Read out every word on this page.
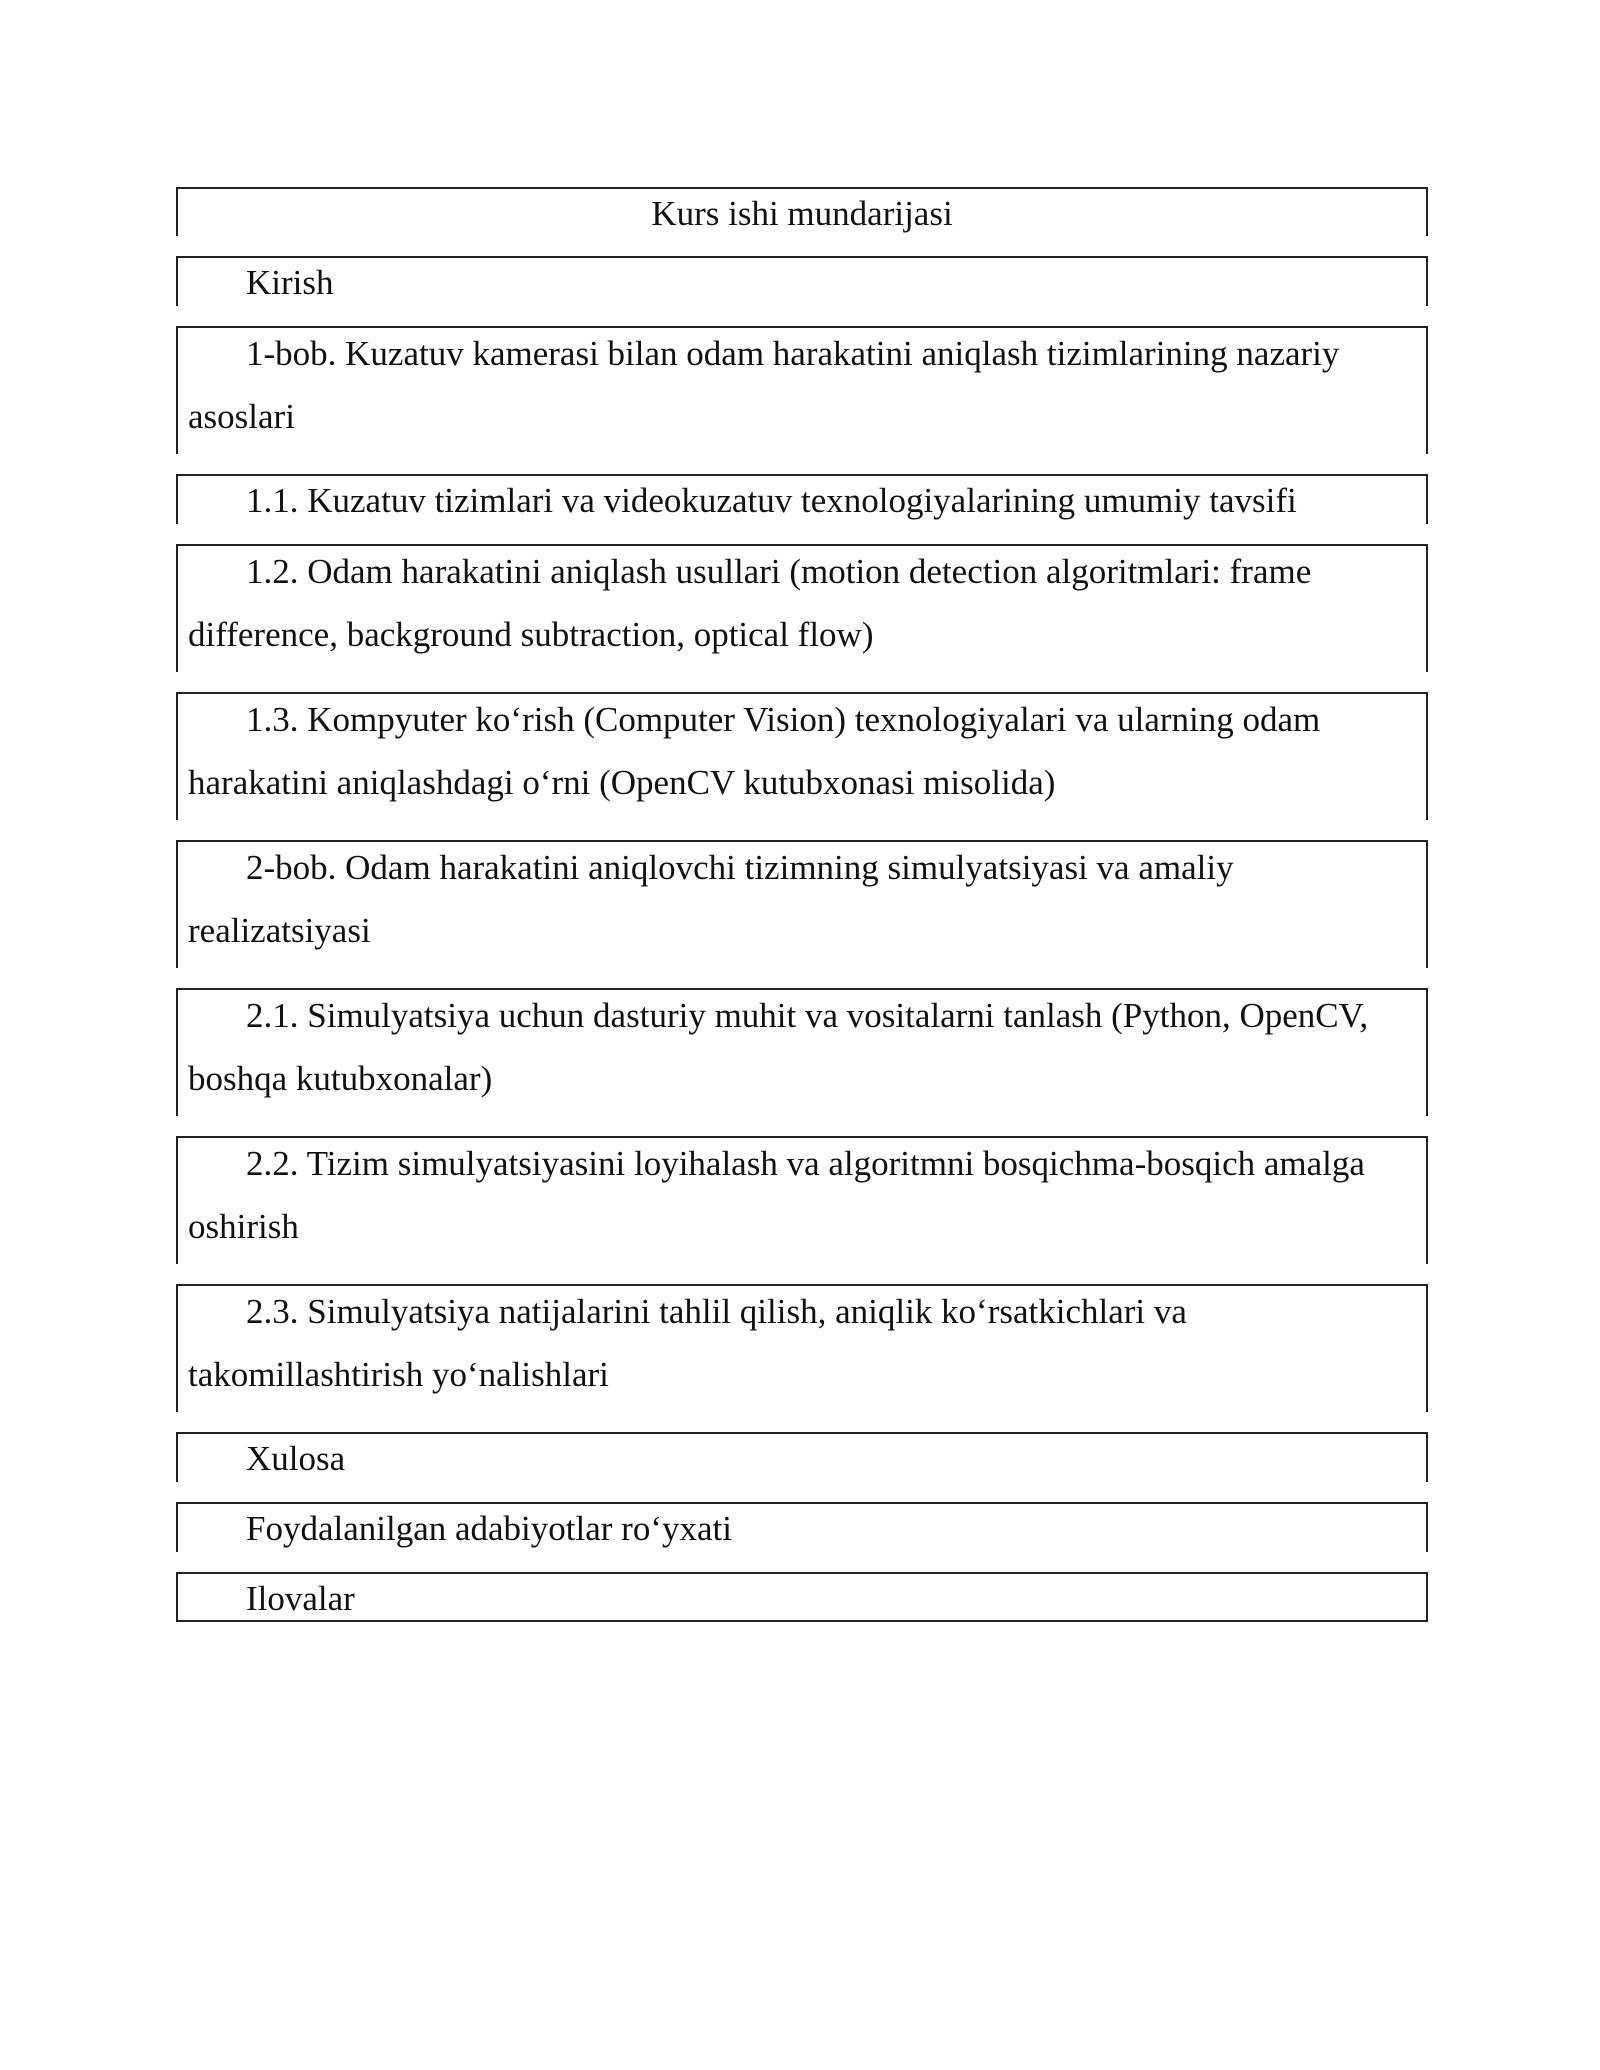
Kurs ishi mundarijasi
Kirish
1-bob. Kuzatuv kamerasi bilan odam harakatini aniqlash tizimlarining nazariy asoslari
1.1. Kuzatuv tizimlari va videokuzatuv texnologiyalarining umumiy tavsifi
1.2. Odam harakatini aniqlash usullari (motion detection algoritmlari: frame difference, background subtraction, optical flow)
1.3. Kompyuter ko‘rish (Computer Vision) texnologiyalari va ularning odam harakatini aniqlashdagi o‘rni (OpenCV kutubxonasi misolida)
2-bob. Odam harakatini aniqlovchi tizimning simulyatsiyasi va amaliy realizatsiyasi
2.1. Simulyatsiya uchun dasturiy muhit va vositalarni tanlash (Python, OpenCV, boshqa kutubxonalar)
2.2. Tizim simulyatsiyasini loyihalash va algoritmni bosqichma-bosqich amalga oshirish
2.3. Simulyatsiya natijalarini tahlil qilish, aniqlik ko‘rsatkichlari va takomillashtirish yo‘nalishlari
Xulosa
Foydalanilgan adabiyotlar ro‘yxati
Ilovalar
